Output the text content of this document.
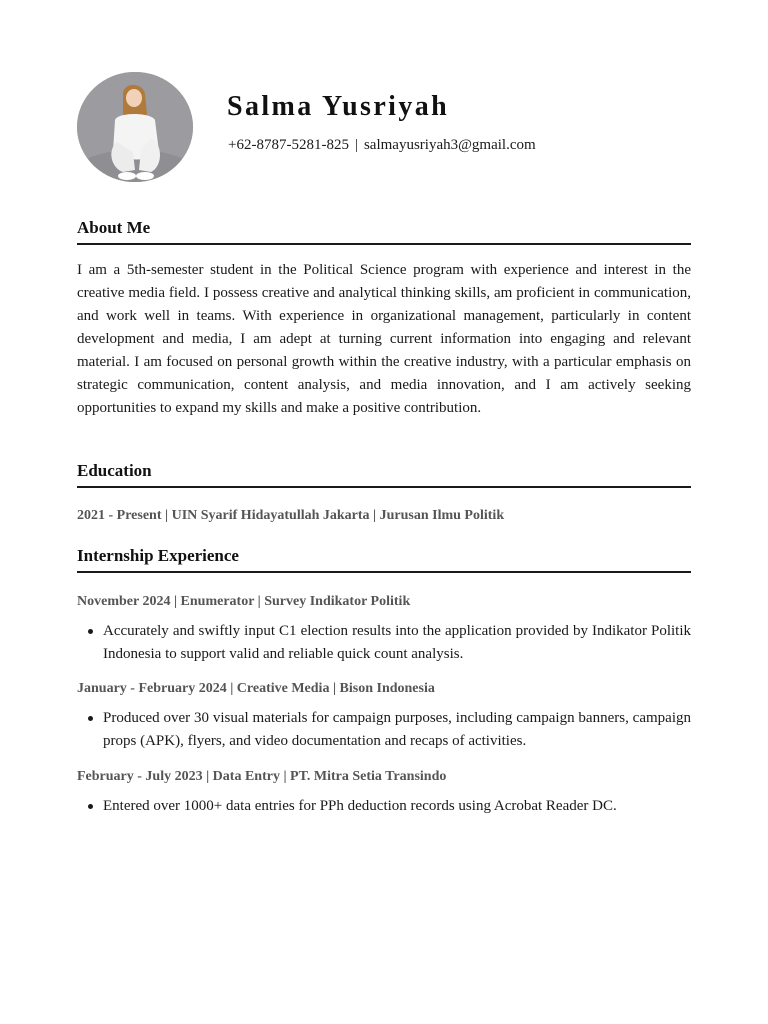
Salma Yusriyah
+62-8787-5281-825 | salmayusriyah3@gmail.com
About Me
I am a 5th-semester student in the Political Science program with experience and interest in the creative media field. I possess creative and analytical thinking skills, am proficient in communication, and work well in teams. With experience in organizational management, particularly in content development and media, I am adept at turning current information into engaging and relevant material. I am focused on personal growth within the creative industry, with a particular emphasis on strategic communication, content analysis, and media innovation, and I am actively seeking opportunities to expand my skills and make a positive contribution.
Education
2021 - Present | UIN Syarif Hidayatullah Jakarta | Jurusan Ilmu Politik
Internship Experience
November 2024 | Enumerator | Survey Indikator Politik
Accurately and swiftly input C1 election results into the application provided by Indikator Politik Indonesia to support valid and reliable quick count analysis.
January - February 2024 | Creative Media | Bison Indonesia
Produced over 30 visual materials for campaign purposes, including campaign banners, campaign props (APK), flyers, and video documentation and recaps of activities.
February - July 2023 | Data Entry | PT. Mitra Setia Transindo
Entered over 1000+ data entries for PPh deduction records using Acrobat Reader DC.
